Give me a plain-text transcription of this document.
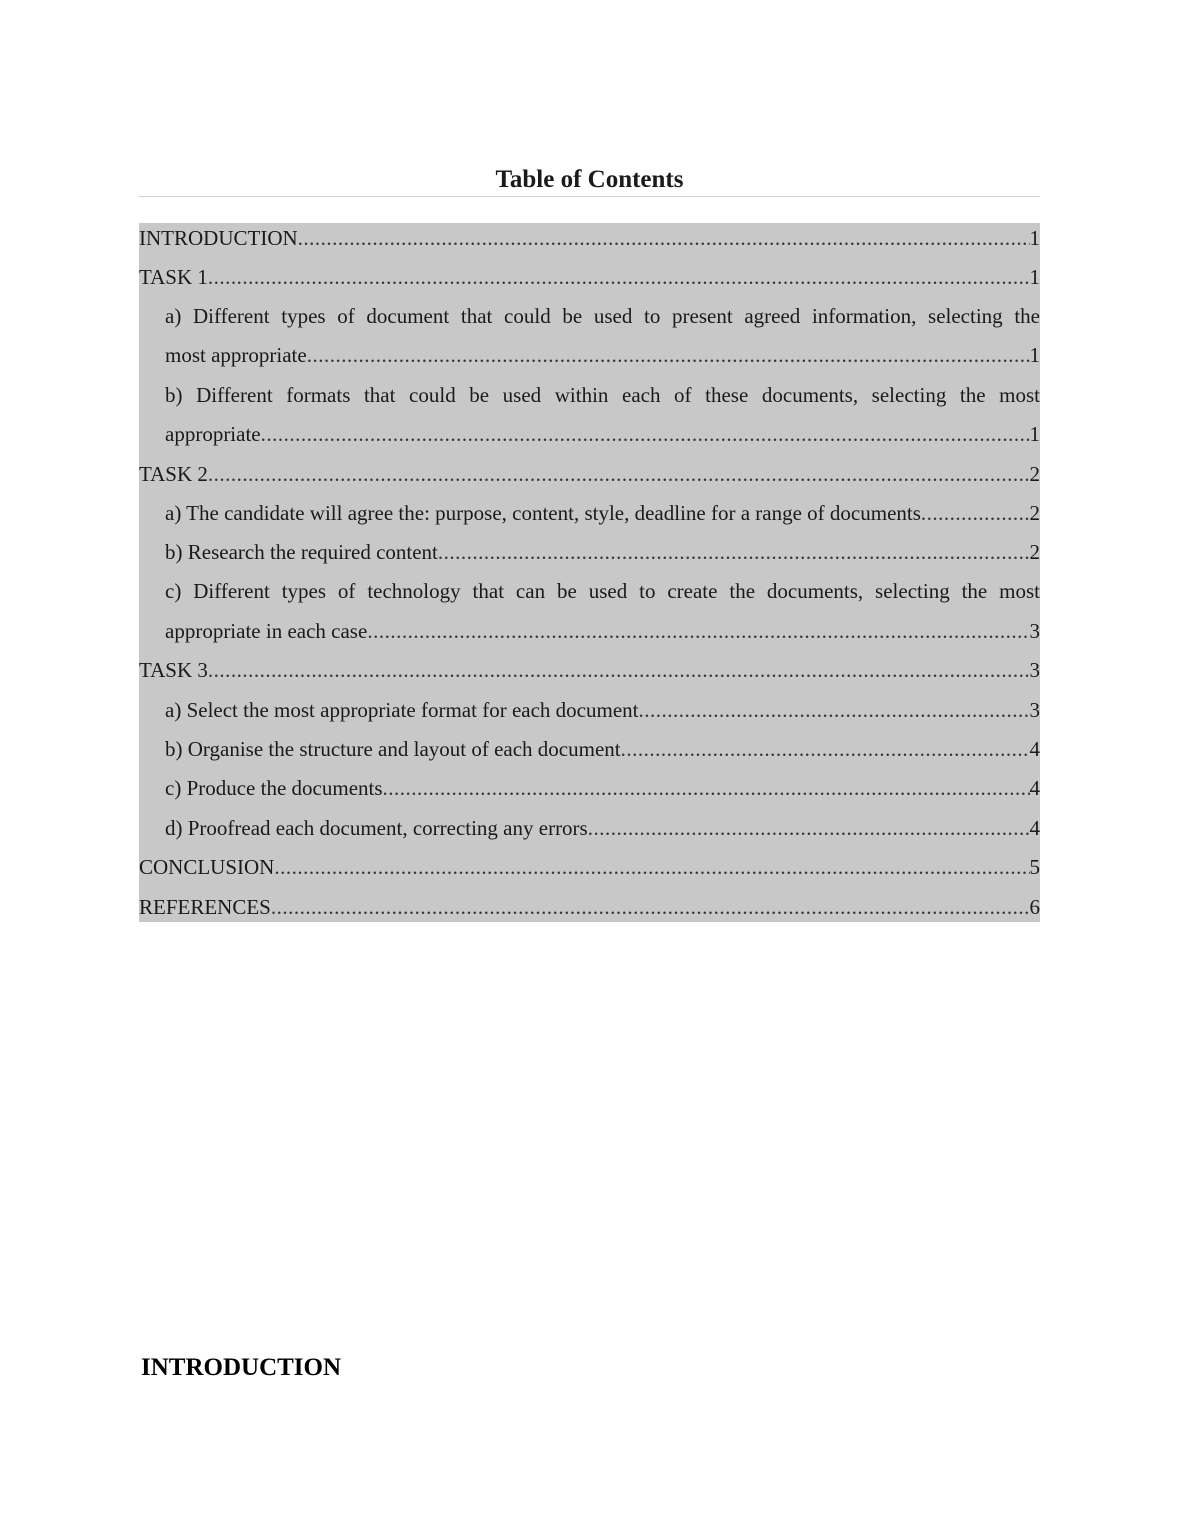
Table of Contents
INTRODUCTION .....	1
TASK 1 .....	1
a) Different types of document that could be used to present agreed information, selecting the
most appropriate .....	1
b) Different formats that could be used within each of these documents, selecting the most
appropriate .....	1
TASK 2 .....	2
a) The candidate will agree the: purpose, content, style, deadline for a range of documents .....	2
b) Research the required content .....	2
c) Different types of technology that can be used to create the documents, selecting the most
appropriate in each case .....	3
TASK 3 .....	3
a) Select the most appropriate format for each document .....	3
b) Organise the structure and layout of each document .....	4
c) Produce the documents .....	4
d) Proofread each document, correcting any errors .....	4
CONCLUSION .....	5
REFERENCES .....	6
INTRODUCTION
